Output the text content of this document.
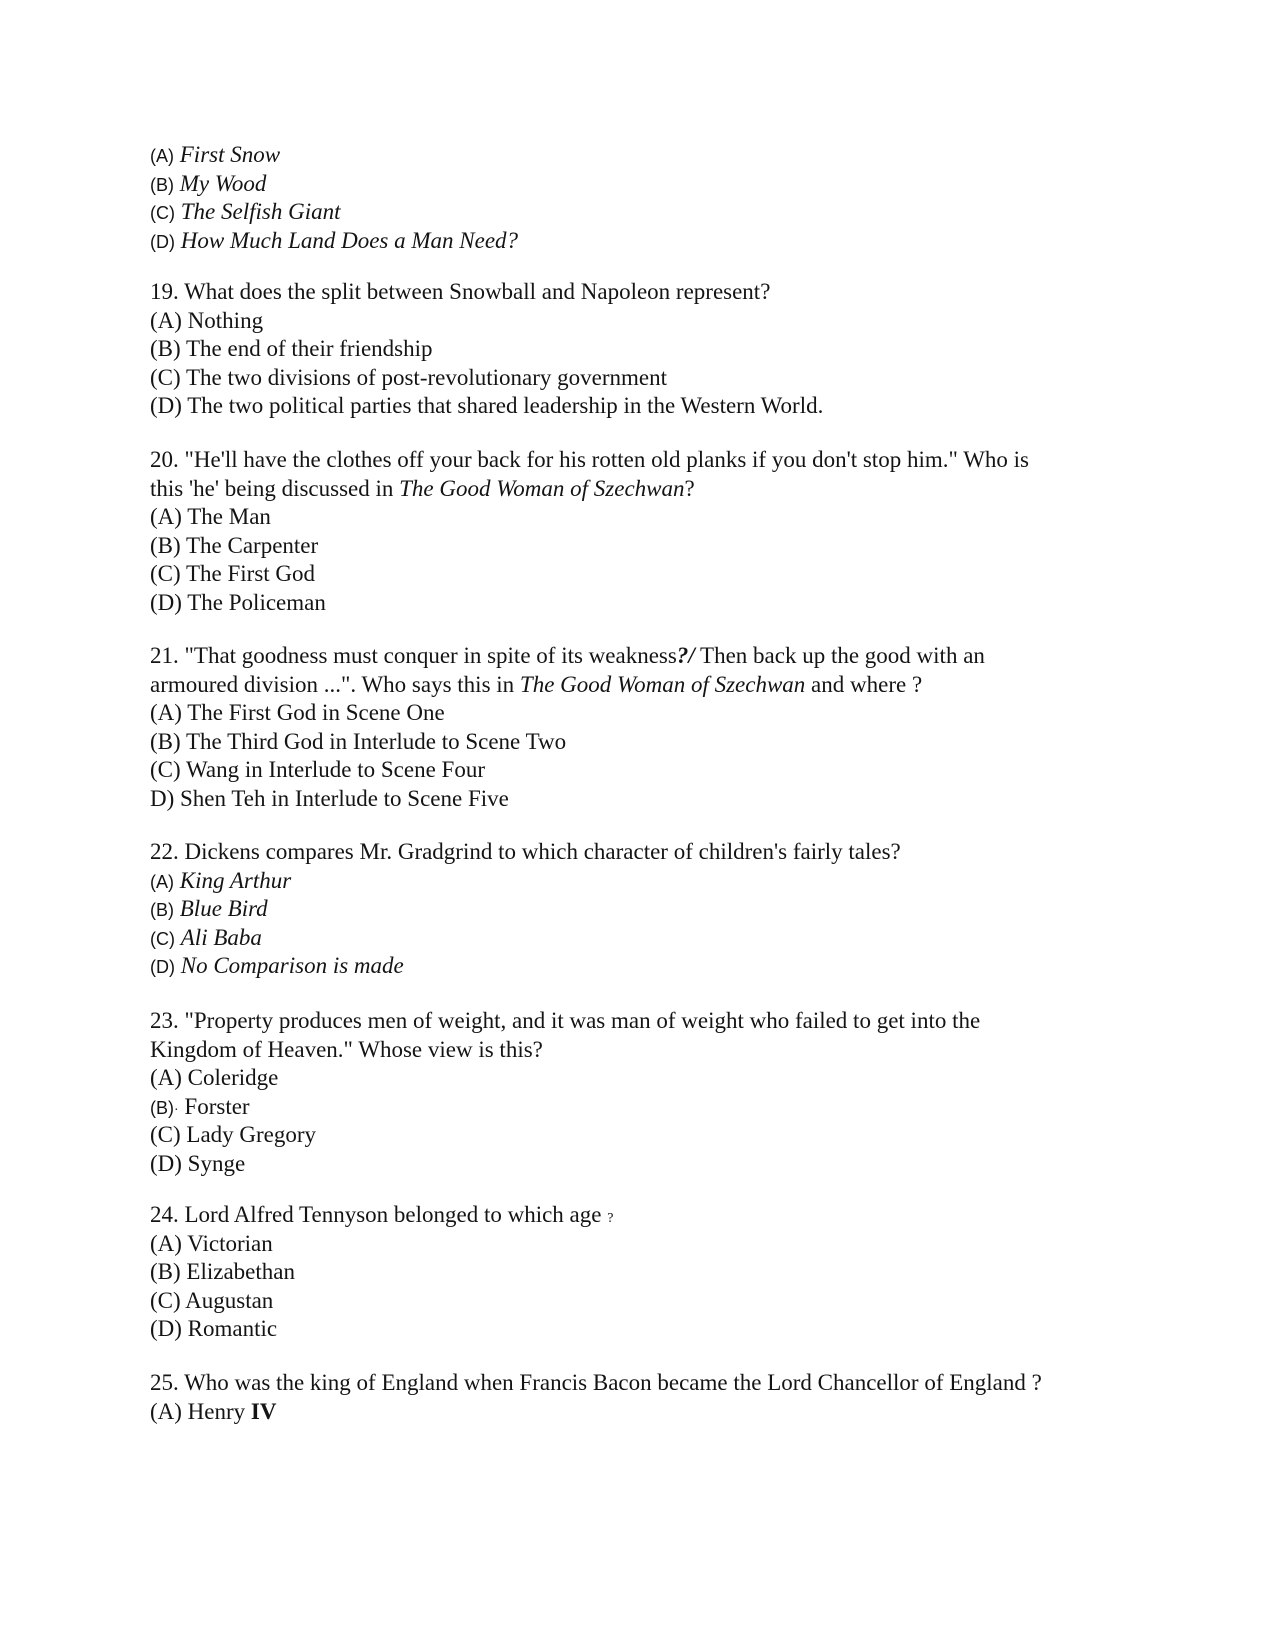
(A) First Snow
(B) My Wood
(C) The Selfish Giant
(D) How Much Land Does a Man Need?
19. What does the split between Snowball and Napoleon represent?
(A) Nothing
(B) The end of their friendship
(C) The two divisions of post-revolutionary government
(D) The two political parties that shared leadership in the Western World.
20. "He'll have the clothes off your back for his rotten old planks if you don't stop him." Who is
this 'he' being discussed in The Good Woman of Szechwan?
(A) The Man
(B) The Carpenter
(C) The First God
(D) The Policeman
21. "That goodness must conquer in spite of its weakness?/ Then back up the good with an
armoured division ...". Who says this in The Good Woman of Szechwan and where ?
(A) The First God in Scene One
(B) The Third God in Interlude to Scene Two
(C) Wang in Interlude to Scene Four
D) Shen Teh in Interlude to Scene Five
22. Dickens compares Mr. Gradgrind to which character of children's fairly tales?
(A) King Arthur
(B) Blue Bird
(C) Ali Baba
(D) No Comparison is made
23. "Property produces men of weight, and it was man of weight who failed to get into the
Kingdom of Heaven." Whose view is this?
(A) Coleridge
(B)· Forster
(C) Lady Gregory
(D) Synge
24. Lord Alfred Tennyson belonged to which age ?
(A) Victorian
(B) Elizabethan
(C) Augustan
(D) Romantic
25. Who was the king of England when Francis Bacon became the Lord Chancellor of England ?
(A) Henry IV
